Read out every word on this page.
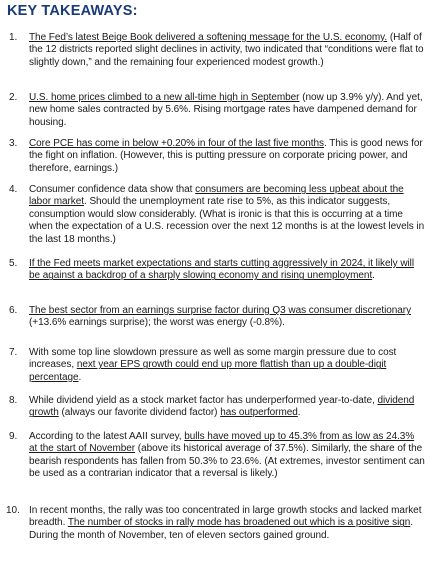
KEY TAKEAWAYS:
1. The Fed’s latest Beige Book delivered a softening message for the U.S. economy. (Half of the 12 districts reported slight declines in activity, two indicated that “conditions were flat to slightly down,” and the remaining four experienced modest growth.)
2. U.S. home prices climbed to a new all-time high in September (now up 3.9% y/y). And yet, new home sales contracted by 5.6%. Rising mortgage rates have dampened demand for housing.
3. Core PCE has come in below +0.20% in four of the last five months. This is good news for the fight on inflation. (However, this is putting pressure on corporate pricing power, and therefore, earnings.)
4. Consumer confidence data show that consumers are becoming less upbeat about the labor market. Should the unemployment rate rise to 5%, as this indicator suggests, consumption would slow considerably. (What is ironic is that this is occurring at a time when the expectation of a U.S. recession over the next 12 months is at the lowest levels in the last 18 months.)
5. If the Fed meets market expectations and starts cutting aggressively in 2024, it likely will be against a backdrop of a sharply slowing economy and rising unemployment.
6. The best sector from an earnings surprise factor during Q3 was consumer discretionary (+13.6% earnings surprise); the worst was energy (-0.8%).
7. With some top line slowdown pressure as well as some margin pressure due to cost increases, next year EPS growth could end up more flattish than up a double-digit percentage.
8. While dividend yield as a stock market factor has underperformed year-to-date, dividend growth (always our favorite dividend factor) has outperformed.
9. According to the latest AAII survey, bulls have moved up to 45.3% from as low as 24.3% at the start of November (above its historical average of 37.5%). Similarly, the share of the bearish respondents has fallen from 50.3% to 23.6%. (At extremes, investor sentiment can be used as a contrarian indicator that a reversal is likely.)
10. In recent months, the rally was too concentrated in large growth stocks and lacked market breadth. The number of stocks in rally mode has broadened out which is a positive sign. During the month of November, ten of eleven sectors gained ground.
